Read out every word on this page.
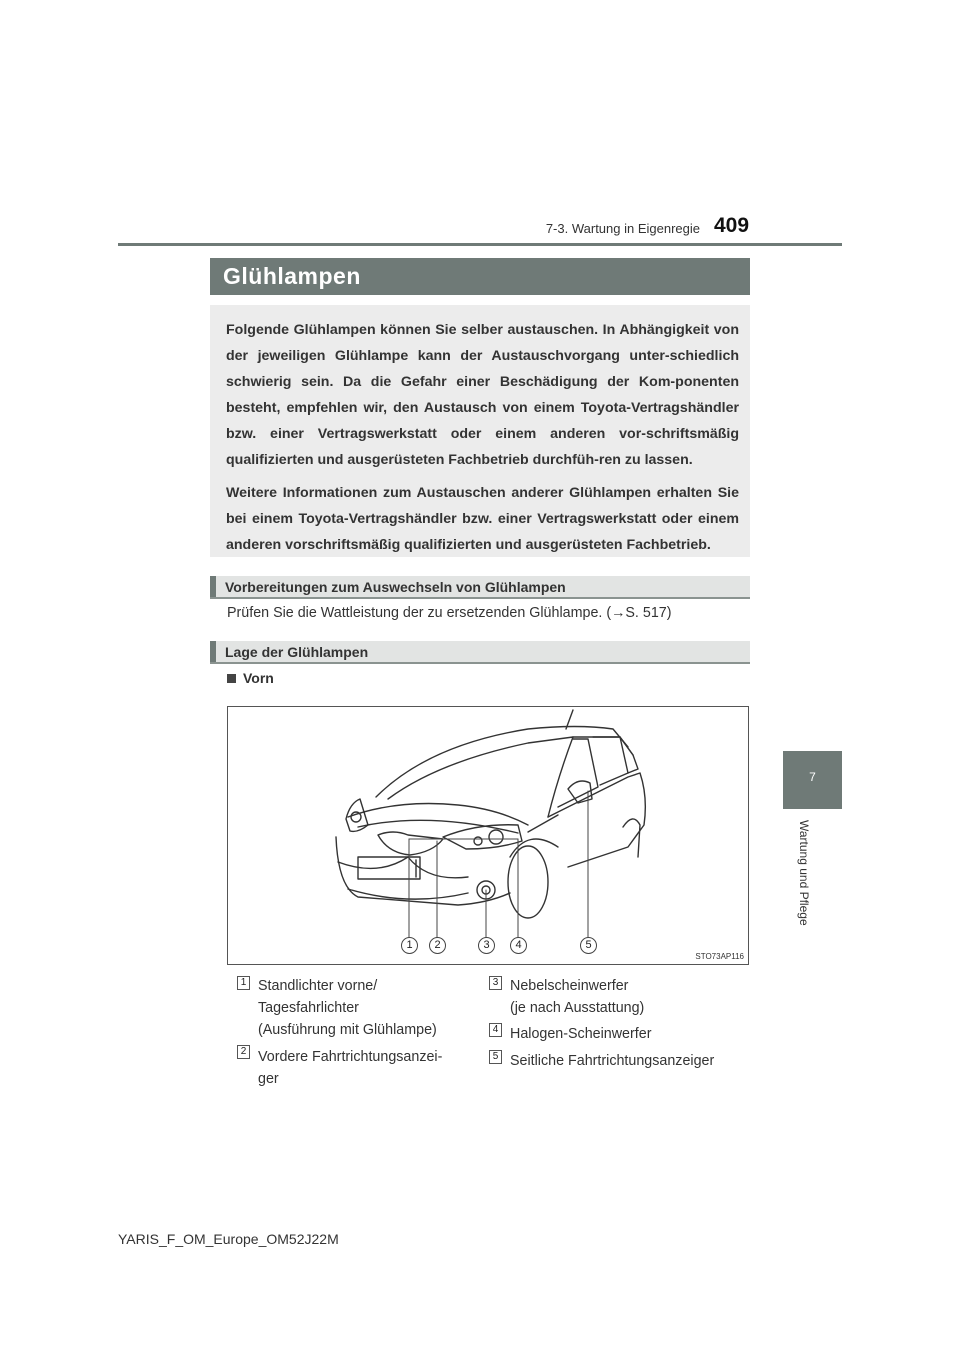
7-3. Wartung in Eigenregie 409
7
Wartung und Pflege
Glühlampen

Folgende Glühlampen können Sie selber austauschen. In Abhängigkeit von der jeweiligen Glühlampe kann der Austauschvorgang unter-schiedlich schwierig sein. Da die Gefahr einer Beschädigung der Kom-ponenten besteht, empfehlen wir, den Austausch von einem Toyota-Vertragshändler bzw. einer Vertragswerkstatt oder einem anderen vor-schriftsmäßig qualifizierten und ausgerüsteten Fachbetrieb durchfüh-ren zu lassen.

Weitere Informationen zum Austauschen anderer Glühlampen erhalten Sie bei einem Toyota-Vertragshändler bzw. einer Vertragswerkstatt oder einem anderen vorschriftsmäßig qualifizierten und ausgerüsteten Fachbetrieb.

Vorbereitungen zum Auswechseln von Glühlampen
Prüfen Sie die Wattleistung der zu ersetzenden Glühlampe. (→S. 517)
Lage der Glühlampen
Vorn
1	2	3	4	5
STO73AP116
1 Standlichter vorne/
Tagesfahrlichter
(Ausführung mit Glühlampe)
2 Vordere Fahrtrichtungsanzei-
ger
3 Nebelscheinwerfer
(je nach Ausstattung)
4 Halogen-Scheinwerfer
5 Seitliche Fahrtrichtungsanzeiger
YARIS_F_OM_Europe_OM52J22M
